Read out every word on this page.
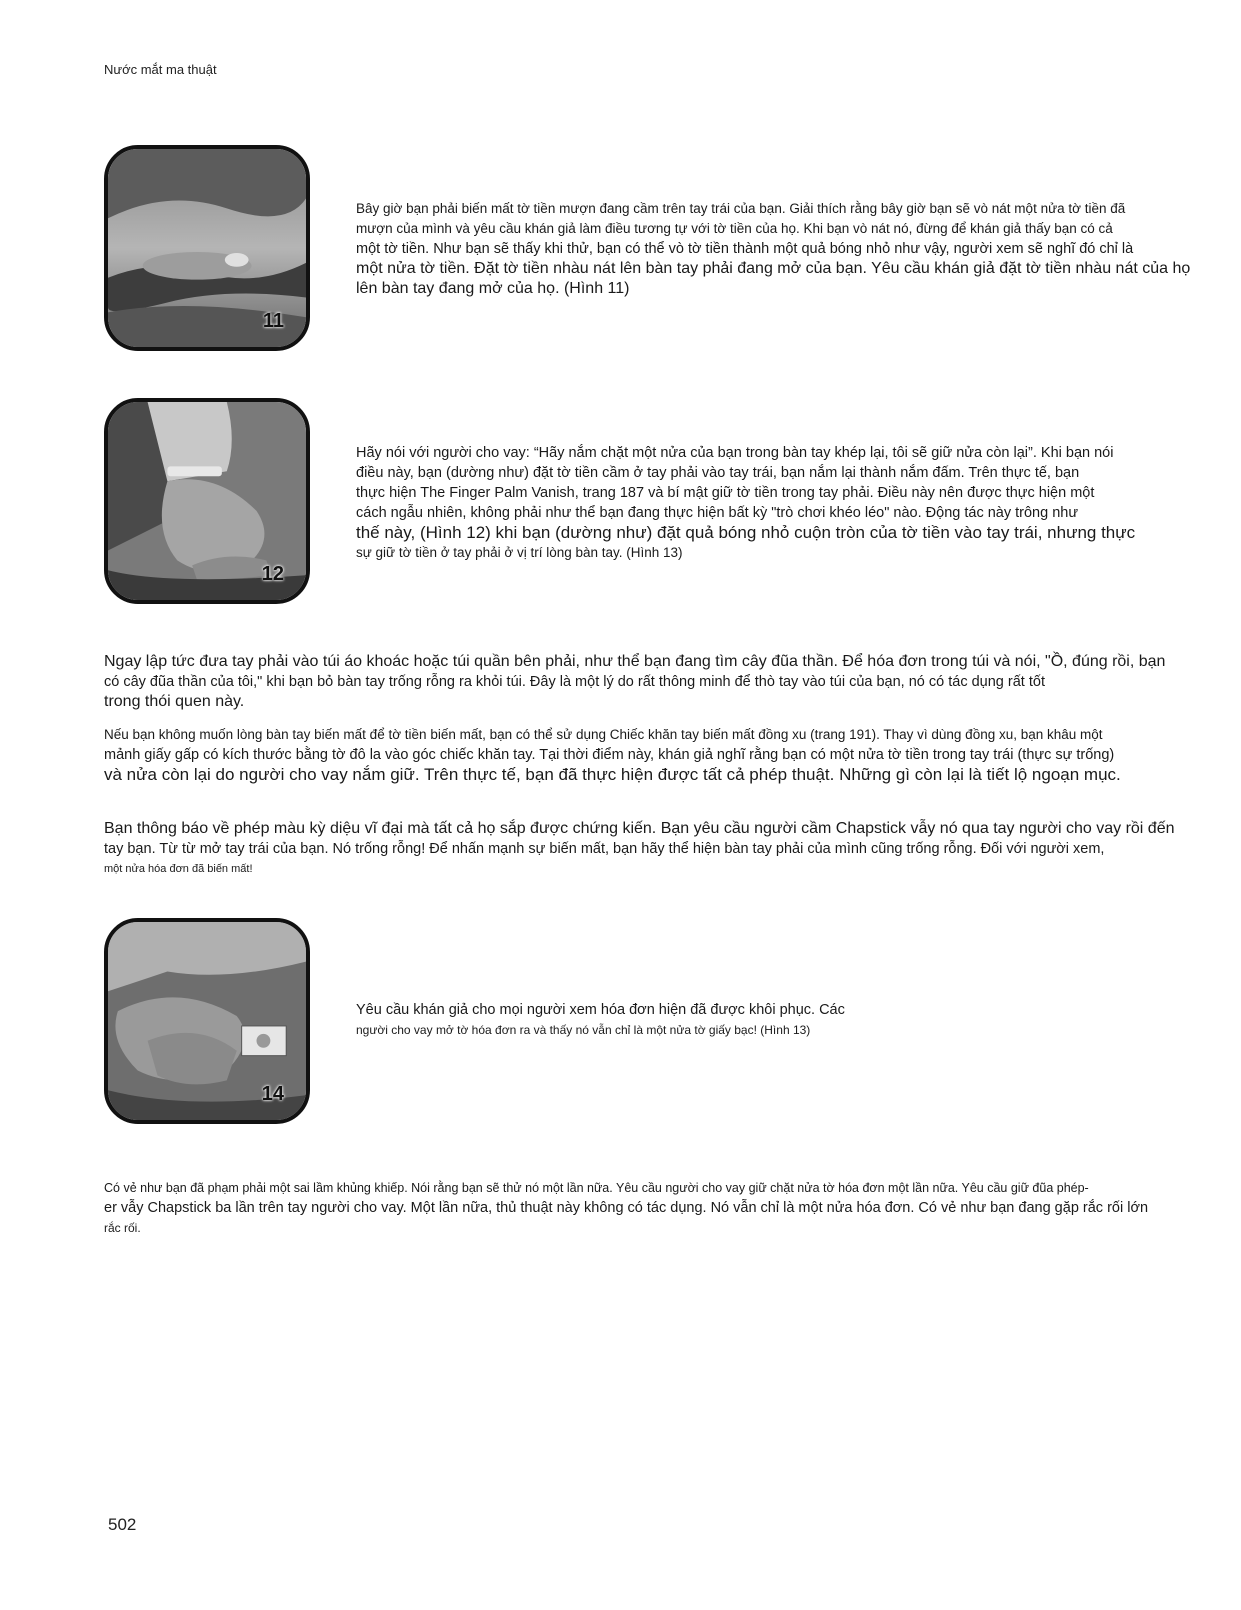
Nước mắt ma thuật
11
Bây giờ bạn phải biến mất tờ tiền mượn đang cầm trên tay trái của bạn. Giải thích rằng bây giờ bạn sẽ vò nát một nửa tờ tiền đã
mượn của mình và yêu cầu khán giả làm điều tương tự với tờ tiền của họ. Khi bạn vò nát nó, đừng để khán giả thấy bạn có cả
một tờ tiền. Như bạn sẽ thấy khi thử, bạn có thể vò tờ tiền thành một quả bóng nhỏ như vậy, người xem sẽ nghĩ đó chỉ là
một nửa tờ tiền. Đặt tờ tiền nhàu nát lên bàn tay phải đang mở của bạn. Yêu cầu khán giả đặt tờ tiền nhàu nát của họ
lên bàn tay đang mở của họ. (Hình 11)
12
Hãy nói với người cho vay: “Hãy nắm chặt một nửa của bạn trong bàn tay khép lại, tôi sẽ giữ nửa còn lại”. Khi bạn nói
điều này, bạn (dường như) đặt tờ tiền cầm ở tay phải vào tay trái, bạn nắm lại thành nắm đấm. Trên thực tế, bạn
thực hiện The Finger Palm Vanish, trang 187 và bí mật giữ tờ tiền trong tay phải. Điều này nên được thực hiện một
cách ngẫu nhiên, không phải như thể bạn đang thực hiện bất kỳ "trò chơi khéo léo" nào. Động tác này trông như
thế này, (Hình 12) khi bạn (dường như) đặt quả bóng nhỏ cuộn tròn của tờ tiền vào tay trái, nhưng thực
sự giữ tờ tiền ở tay phải ở vị trí lòng bàn tay. (Hình 13)
Ngay lập tức đưa tay phải vào túi áo khoác hoặc túi quần bên phải, như thể bạn đang tìm cây đũa thần. Để hóa đơn trong túi và nói, "Ồ, đúng rồi, bạn
có cây đũa thần của tôi," khi bạn bỏ bàn tay trống rỗng ra khỏi túi. Đây là một lý do rất thông minh để thò tay vào túi của bạn, nó có tác dụng rất tốt
trong thói quen này.
Nếu bạn không muốn lòng bàn tay biến mất để tờ tiền biến mất, bạn có thể sử dụng Chiếc khăn tay biến mất đồng xu (trang 191). Thay vì dùng đồng xu, bạn khâu một
mảnh giấy gấp có kích thước bằng tờ đô la vào góc chiếc khăn tay. Tại thời điểm này, khán giả nghĩ rằng bạn có một nửa tờ tiền trong tay trái (thực sự trống)
và nửa còn lại do người cho vay nắm giữ. Trên thực tế, bạn đã thực hiện được tất cả phép thuật. Những gì còn lại là tiết lộ ngoạn mục.
Bạn thông báo về phép màu kỳ diệu vĩ đại mà tất cả họ sắp được chứng kiến. Bạn yêu cầu người cầm Chapstick vẫy nó qua tay người cho vay rồi đến
tay bạn. Từ từ mở tay trái của bạn. Nó trống rỗng! Để nhấn mạnh sự biến mất, bạn hãy thể hiện bàn tay phải của mình cũng trống rỗng. Đối với người xem,
một nửa hóa đơn đã biến mất!
14
Yêu cầu khán giả cho mọi người xem hóa đơn hiện đã được khôi phục. Các
người cho vay mở tờ hóa đơn ra và thấy nó vẫn chỉ là một nửa tờ giấy bạc! (Hình 13)
Có vẻ như bạn đã phạm phải một sai lầm khủng khiếp. Nói rằng bạn sẽ thử nó một lần nữa. Yêu cầu người cho vay giữ chặt nửa tờ hóa đơn một lần nữa. Yêu cầu giữ đũa phép-
er vẫy Chapstick ba lần trên tay người cho vay. Một lần nữa, thủ thuật này không có tác dụng. Nó vẫn chỉ là một nửa hóa đơn. Có vẻ như bạn đang gặp rắc rối lớn
rắc rối.
502
